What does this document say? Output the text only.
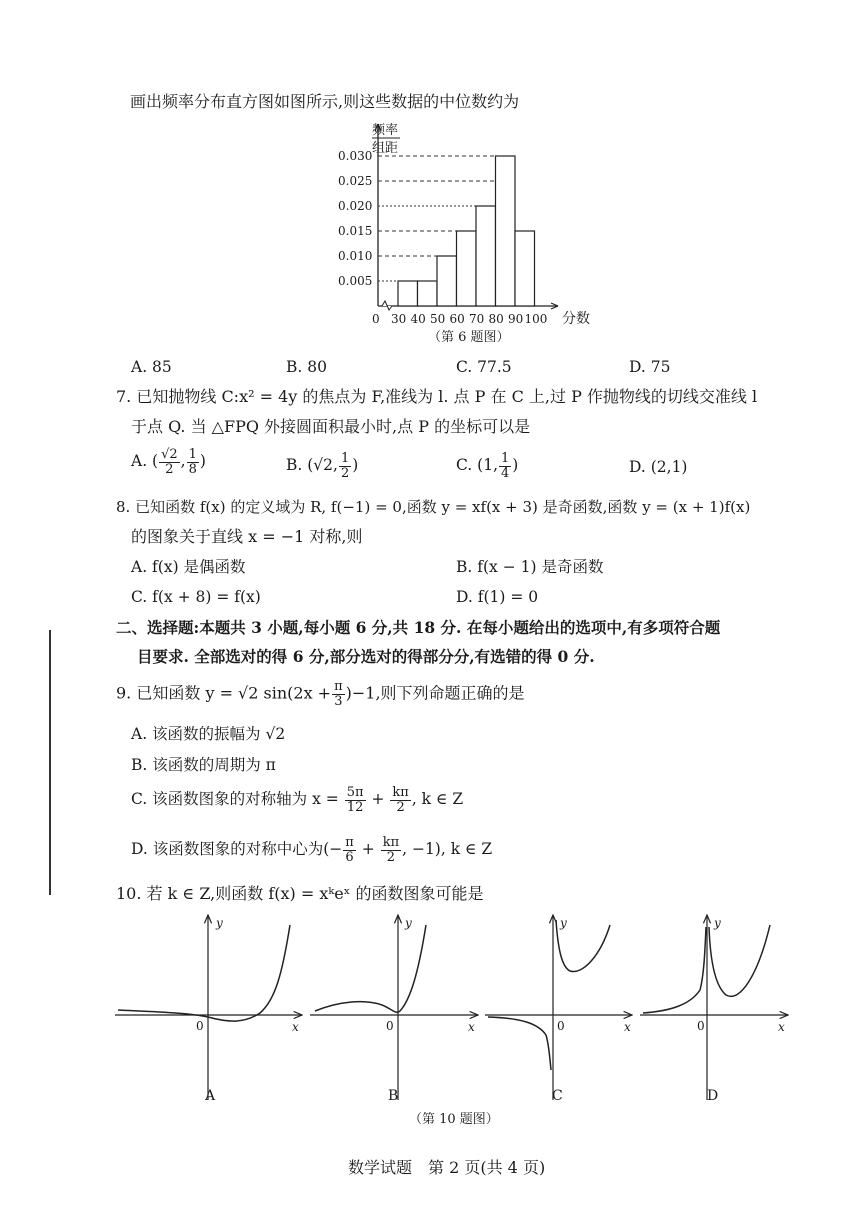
画出频率分布直方图如图所示,则这些数据的中位数约为
频率
组距
0.005
0.010
0.015
0.020
0.025
0.030
0 30 40 50 60 70 80 90 100 分数
（第 6 题图）
A. 85	B. 80	C. 77.5	D. 75
7. 已知抛物线 C:x² = 4y 的焦点为 F,准线为 l. 点 P 在 C 上,过 P 作抛物线的切线交准线 l
于点 Q. 当 △FPQ 外接圆面积最小时,点 P 的坐标可以是
A. ( $\frac{√2}{2}$ , $\frac{1}{8}$ )	B. (√2, $\frac{1}{2}$ )	C. (1, $\frac{1}{4}$ )	D. (2,1)
8. 已知函数 f(x) 的定义域为 R, f(−1) = 0,函数 y = xf(x + 3) 是奇函数,函数 y = (x + 1)f(x)
的图象关于直线 x = −1 对称,则
A. f(x) 是偶函数	B. f(x − 1) 是奇函数
C. f(x + 8) = f(x)	D. f(1) = 0
二、选择题:本题共 3 小题,每小题 6 分,共 18 分. 在每小题给出的选项中,有多项符合题
目要求. 全部选对的得 6 分,部分选对的得部分分,有选错的得 0 分.
9. 已知函数 y = √2 $\sin(2x + \frac{\pi}{3} )-1$,则下列命题正确的是
A. 该函数的振幅为 √2
B. 该函数的周期为 π
C. 该函数图象的对称轴为 $x = \frac{5\pi}{12} + \frac{k\pi}{2}$ , k ∈ Z
D. 该函数图象的对称中心为(− $\frac{\pi}{6} + \frac{k\pi}{2}$ , −1), k ∈ Z
10. 若 k ∈ Z,则函数 f(x) = xᵏeˣ 的函数图象可能是
y
x
0
A
y
x
0
B
y
x
0
C
y
x
0
D
（第 10 题图）
数学试题　第 2 页(共 4 页)
